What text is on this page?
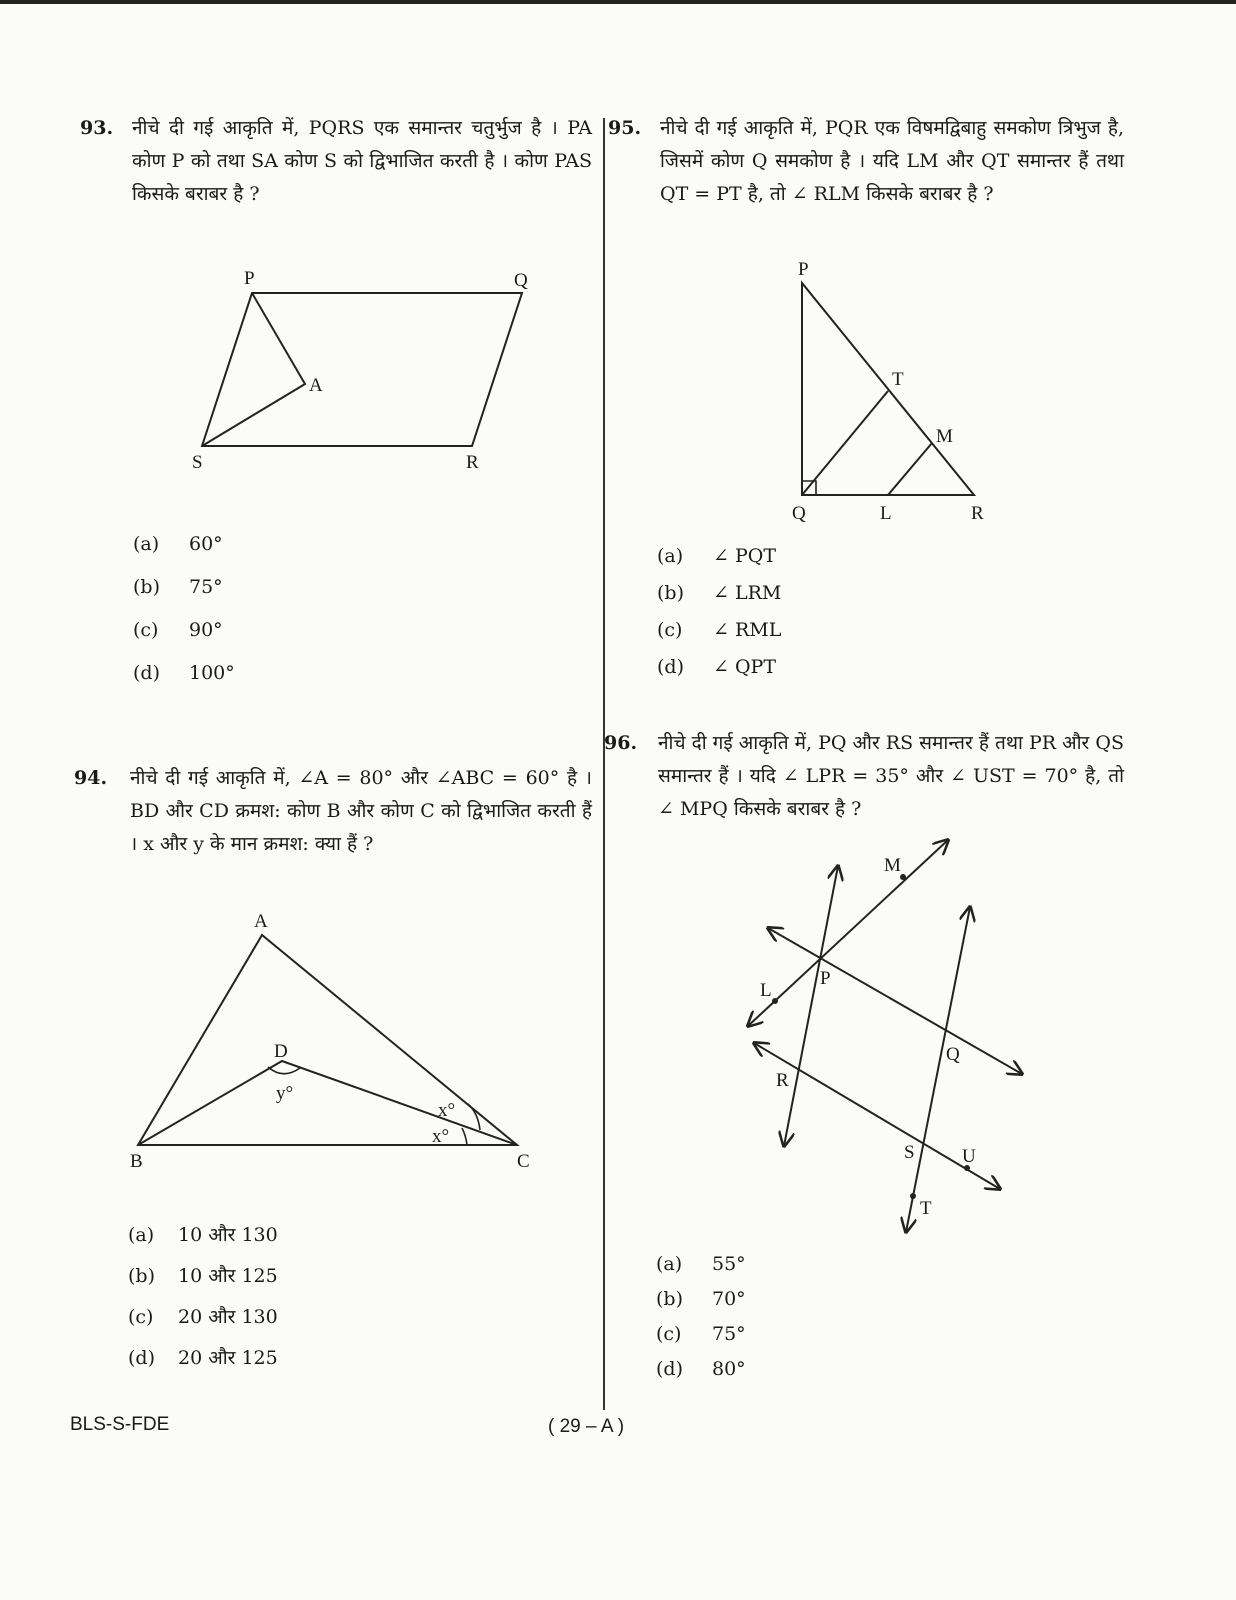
93. नीचे दी गई आकृति में, PQRS एक समान्तर चतुर्भुज है । PA कोण P को तथा SA कोण S को द्विभाजित करती है । कोण PAS किसके बराबर है ?
P	Q
A
S	R
(a) 60°
(b) 75°
(c) 90°
(d) 100°
94. नीचे दी गई आकृति में, ∠A = 80° और ∠ABC = 60° है । BD और CD क्रमश: कोण B और कोण C को द्विभाजित करती हैं । x और y के मान क्रमश: क्या हैं ?
A
D
y°
x°
x°
B	C
(a) 10 और 130
(b) 10 और 125
(c) 20 और 130
(d) 20 और 125
95. नीचे दी गई आकृति में, PQR एक विषमद्विबाहु समकोण त्रिभुज है, जिसमें कोण Q समकोण है । यदि LM और QT समान्तर हैं तथा QT = PT है, तो ∠ RLM किसके बराबर है ?
P
T
M
Q	L	R
(a) ∠ PQT
(b) ∠ LRM
(c) ∠ RML
(d) ∠ QPT
96. नीचे दी गई आकृति में, PQ और RS समान्तर हैं तथा PR और QS समान्तर हैं । यदि ∠ LPR = 35° और ∠ UST = 70° है, तो ∠ MPQ किसके बराबर है ?
M
L
P
Q
R
S U
T
(a) 55°
(b) 70°
(c) 75°
(d) 80°
BLS-S-FDE	( 29 – A )
